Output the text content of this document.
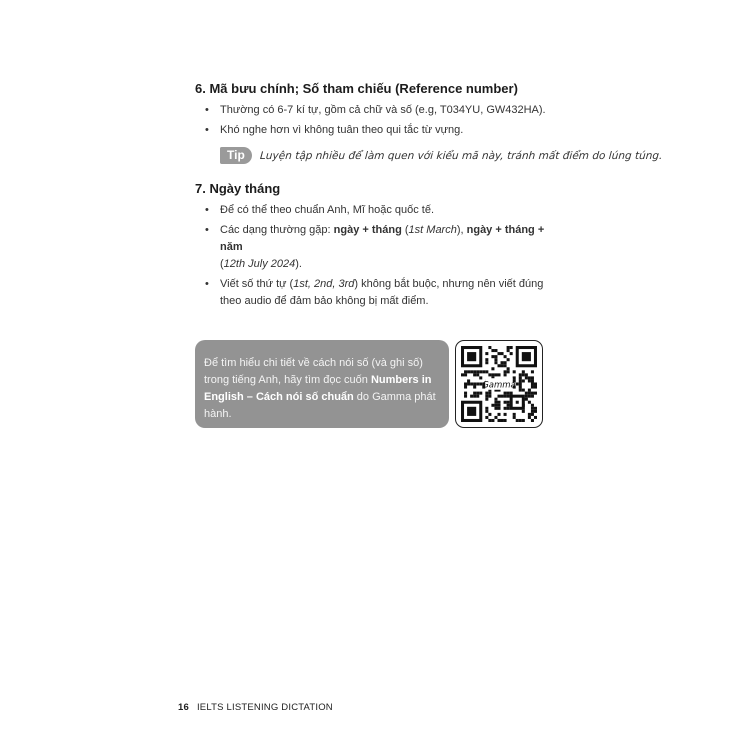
6. Mã bưu chính; Số tham chiếu (Reference number)
• Thường có 6-7 kí tự, gồm cả chữ và số (e.g, T034YU, GW432HA).
• Khó nghe hơn vì không tuân theo qui tắc từ vựng.
Tip	Luyện tập nhiều để làm quen với kiểu mã này, tránh mất điểm do lúng túng.
7. Ngày tháng
• Để có thể theo chuẩn Anh, Mĩ hoặc quốc tế.
• Các dạng thường gặp: ngày + tháng (1st March), ngày + tháng + năm
(12th July 2024).
• Viết số thứ tự (1st, 2nd, 3rd) không bắt buộc, nhưng nên viết đúng theo audio để đảm bảo không bị mất điểm.
Để tìm hiểu chi tiết về cách nói số (và ghi số) trong tiếng Anh, hãy tìm đọc cuốn Numbers in English – Cách nói số chuẩn do Gamma phát hành.
Gamma
16 IELTS LISTENING DICTATION
